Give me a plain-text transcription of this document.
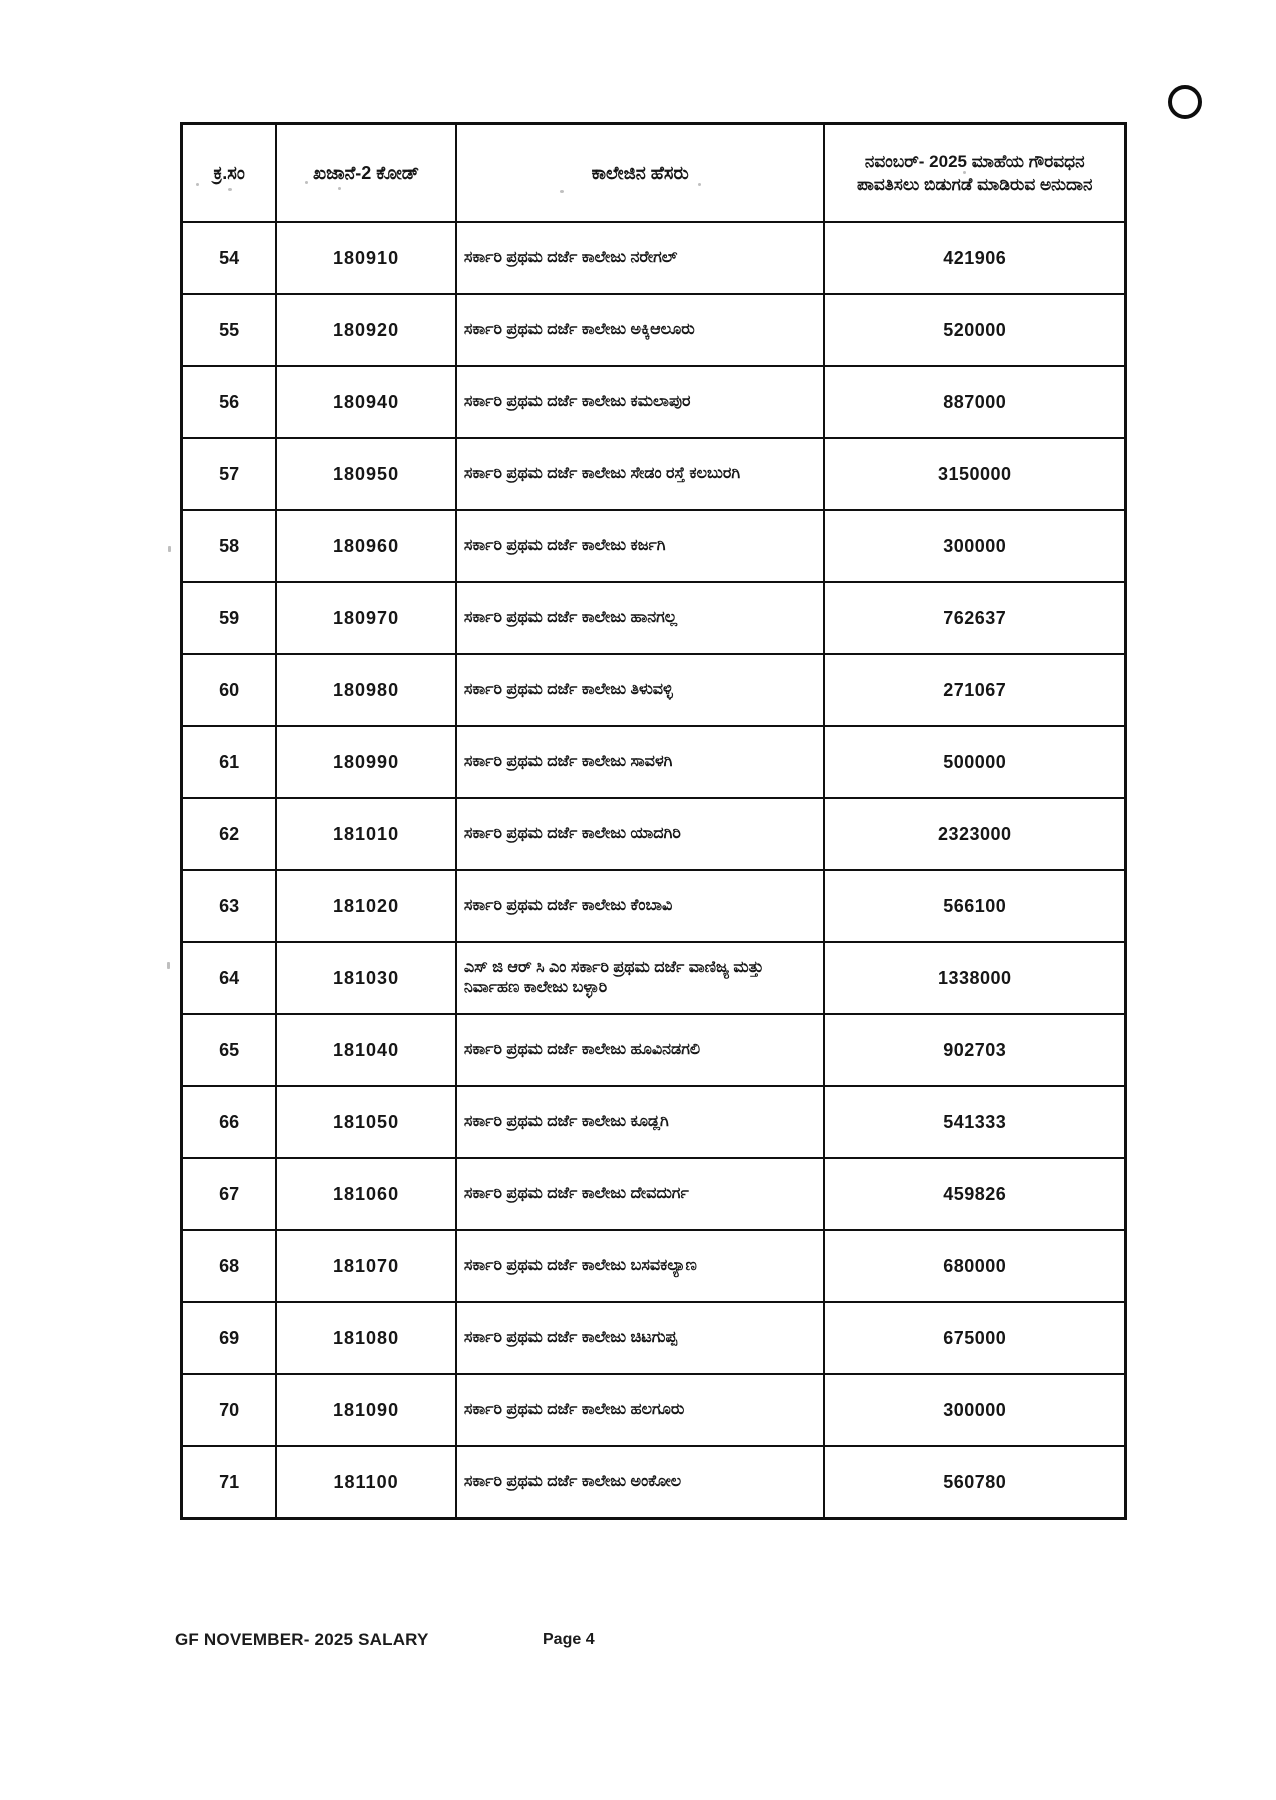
ಕ್ರ.ಸಂ	ಖಜಾನೆ-2 ಕೋಡ್	ಕಾಲೇಜಿನ ಹೆಸರು	ನವಂಬರ್- 2025 ಮಾಹೆಯ ಗೌರವಧನ ಪಾವತಿಸಲು ಬಿಡುಗಡೆ ಮಾಡಿರುವ ಅನುದಾನ
54	180910	ಸರ್ಕಾರಿ ಪ್ರಥಮ ದರ್ಜೆ ಕಾಲೇಜು ನರೇಗಲ್	421906
55	180920	ಸರ್ಕಾರಿ ಪ್ರಥಮ ದರ್ಜೆ ಕಾಲೇಜು ಅಕ್ಕಿಆಲೂರು	520000
56	180940	ಸರ್ಕಾರಿ ಪ್ರಥಮ ದರ್ಜೆ ಕಾಲೇಜು ಕಮಲಾಪುರ	887000
57	180950	ಸರ್ಕಾರಿ ಪ್ರಥಮ ದರ್ಜೆ ಕಾಲೇಜು ಸೇಡಂ ರಸ್ತೆ ಕಲಬುರಗಿ	3150000
58	180960	ಸರ್ಕಾರಿ ಪ್ರಥಮ ದರ್ಜೆ ಕಾಲೇಜು ಕರ್ಜಗಿ	300000
59	180970	ಸರ್ಕಾರಿ ಪ್ರಥಮ ದರ್ಜೆ ಕಾಲೇಜು ಹಾನಗಲ್ಲ	762637
60	180980	ಸರ್ಕಾರಿ ಪ್ರಥಮ ದರ್ಜೆ ಕಾಲೇಜು ತಿಳುವಳ್ಳಿ	271067
61	180990	ಸರ್ಕಾರಿ ಪ್ರಥಮ ದರ್ಜೆ ಕಾಲೇಜು ಸಾವಳಗಿ	500000
62	181010	ಸರ್ಕಾರಿ ಪ್ರಥಮ ದರ್ಜೆ ಕಾಲೇಜು ಯಾದಗಿರಿ	2323000
63	181020	ಸರ್ಕಾರಿ ಪ್ರಥಮ ದರ್ಜೆ ಕಾಲೇಜು ಕೆಂಬಾವಿ	566100
64	181030	ಎಸ್ ಜಿ ಆರ್ ಸಿ ಎಂ ಸರ್ಕಾರಿ ಪ್ರಥಮ ದರ್ಜೆ ವಾಣಿಜ್ಯ ಮತ್ತು ನಿರ್ವಾಹಣ ಕಾಲೇಜು ಬಳ್ಳಾರಿ	1338000
65	181040	ಸರ್ಕಾರಿ ಪ್ರಥಮ ದರ್ಜೆ ಕಾಲೇಜು ಹೂವಿನಡಗಲಿ	902703
66	181050	ಸರ್ಕಾರಿ ಪ್ರಥಮ ದರ್ಜೆ ಕಾಲೇಜು ಕೂಡ್ಲಗಿ	541333
67	181060	ಸರ್ಕಾರಿ ಪ್ರಥಮ ದರ್ಜೆ ಕಾಲೇಜು ದೇವದುರ್ಗ	459826
68	181070	ಸರ್ಕಾರಿ ಪ್ರಥಮ ದರ್ಜೆ ಕಾಲೇಜು ಬಸವಕಲ್ಯಾಣ	680000
69	181080	ಸರ್ಕಾರಿ ಪ್ರಥಮ ದರ್ಜೆ ಕಾಲೇಜು ಚಿಟಗುಪ್ಪ	675000
70	181090	ಸರ್ಕಾರಿ ಪ್ರಥಮ ದರ್ಜೆ ಕಾಲೇಜು ಹಲಗೂರು	300000
71	181100	ಸರ್ಕಾರಿ ಪ್ರಥಮ ದರ್ಜೆ ಕಾಲೇಜು ಅಂಕೋಲ	560780
GF NOVEMBER- 2025 SALARY	Page 4
